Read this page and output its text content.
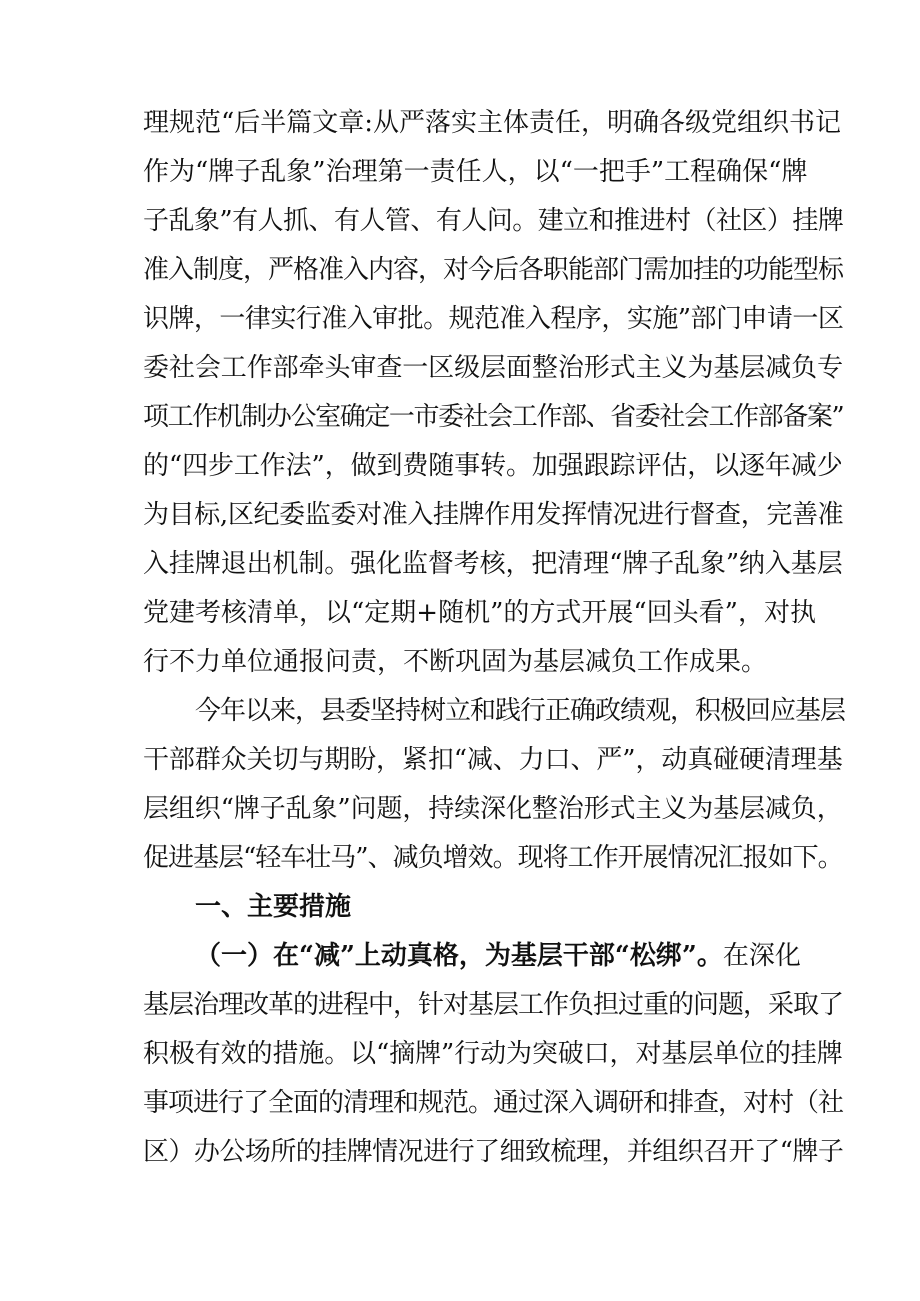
理规范“后半篇文章:从严落实主体责任，明确各级党组织书记
作为“牌子乱象”治理第一责任人，以“一把手”工程确保“牌
子乱象”有人抓、有人管、有人问。建立和推进村（社区）挂牌
准入制度，严格准入内容，对今后各职能部门需加挂的功能型标
识牌，一律实行准入审批。规范准入程序，实施”部门申请一区
委社会工作部牵头审查一区级层面整治形式主义为基层减负专
项工作机制办公室确定一市委社会工作部、省委社会工作部备案”
的“四步工作法”，做到费随事转。加强跟踪评估，以逐年减少
为目标,区纪委监委对准入挂牌作用发挥情况进行督查，完善准
入挂牌退出机制。强化监督考核，把清理“牌子乱象”纳入基层
党建考核清单，以“定期+随机”的方式开展“回头看”，对执
行不力单位通报问责，不断巩固为基层减负工作成果。
今年以来，县委坚持树立和践行正确政绩观，积极回应基层
干部群众关切与期盼，紧扣“减、力口、严”，动真碰硬清理基
层组织“牌子乱象”问题，持续深化整治形式主义为基层减负，
促进基层“轻车壮马”、减负增效。现将工作开展情况汇报如下。
一、主要措施
（一）在“减”上动真格，为基层干部“松绑”。在深化
基层治理改革的进程中，针对基层工作负担过重的问题，采取了
积极有效的措施。以“摘牌”行动为突破口，对基层单位的挂牌
事项进行了全面的清理和规范。通过深入调研和排查，对村（社
区）办公场所的挂牌情况进行了细致梳理，并组织召开了“牌子
